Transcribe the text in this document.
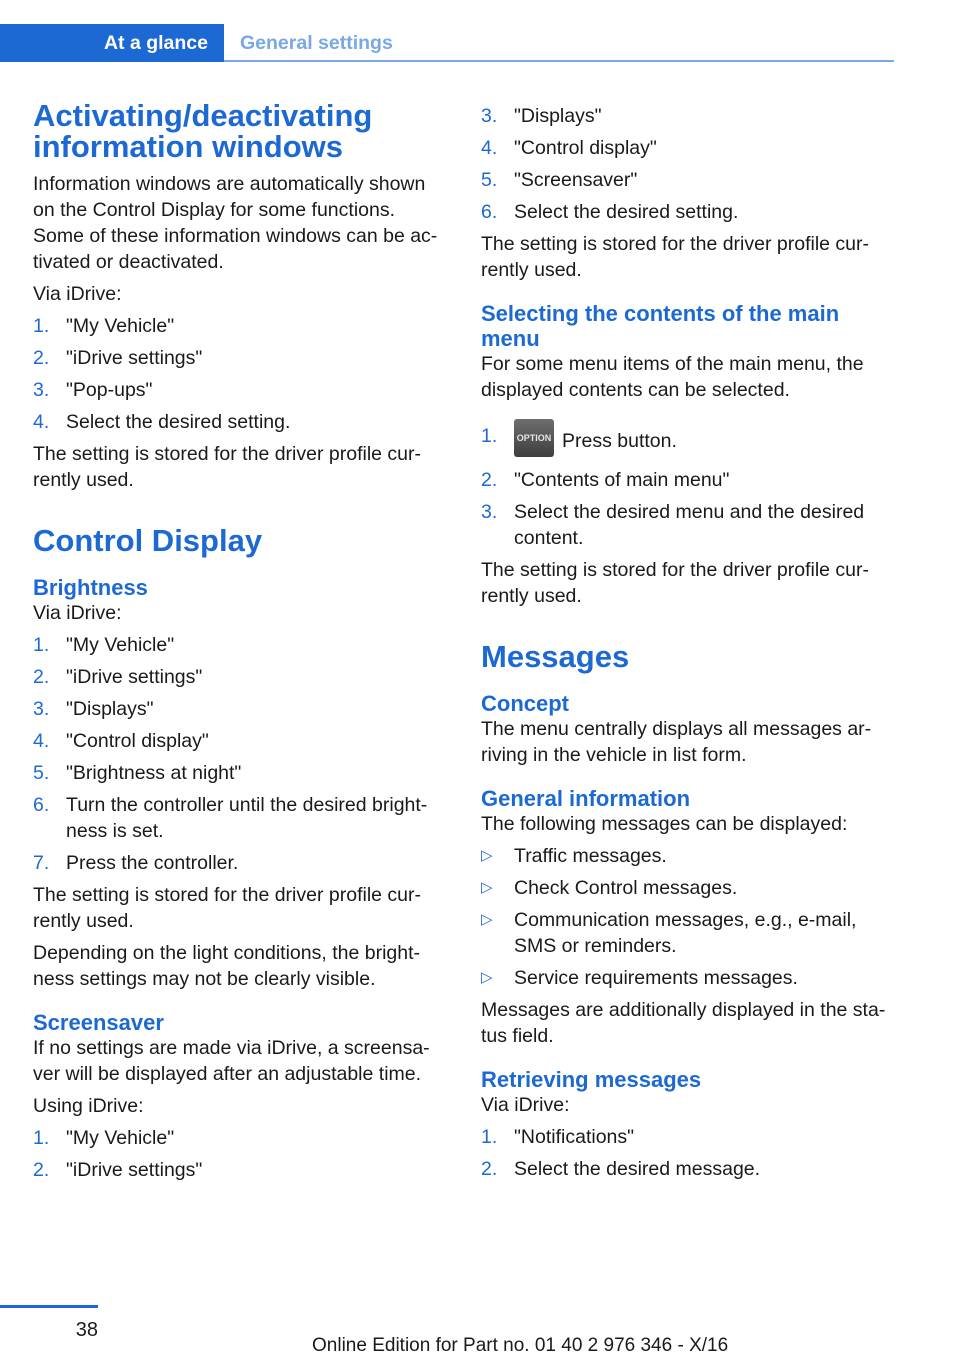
At a glance	General settings
Activating/deactivating information windows

Information windows are automatically shown on the Control Display for some functions. Some of these information windows can be ac‐tivated or deactivated.

Via iDrive:

1. "My Vehicle"
2. "iDrive settings"
3. "Pop-ups"
4. Select the desired setting.

The setting is stored for the driver profile cur‐rently used.

Control Display
Brightness

Via iDrive:

1. "My Vehicle"
2. "iDrive settings"
3. "Displays"
4. "Control display"
5. "Brightness at night"
6. Turn the controller until the desired bright‐ness is set.
7. Press the controller.

The setting is stored for the driver profile cur‐rently used.

Depending on the light conditions, the bright‐ness settings may not be clearly visible.

Screensaver

If no settings are made via iDrive, a screensa‐ver will be displayed after an adjustable time.

Using iDrive:

1. "My Vehicle"
2. "iDrive settings"
3. "Displays"
4. "Control display"
5. "Screensaver"
6. Select the desired setting.

The setting is stored for the driver profile cur‐rently used.

Selecting the contents of the main menu

For some menu items of the main menu, the displayed contents can be selected.

1. OPTION Press button.
2. "Contents of main menu"
3. Select the desired menu and the desired content.

The setting is stored for the driver profile cur‐rently used.

Messages
Concept

The menu centrally displays all messages ar‐riving in the vehicle in list form.

General information

The following messages can be displayed:

▷ Traffic messages.
▷ Check Control messages.
▷ Communication messages, e.g., e-mail, SMS or reminders.
▷ Service requirements messages.

Messages are additionally displayed in the sta‐tus field.

Retrieving messages

Via iDrive:

1. "Notifications"
2. Select the desired message.
38
Online Edition for Part no. 01 40 2 976 346 - X/16
